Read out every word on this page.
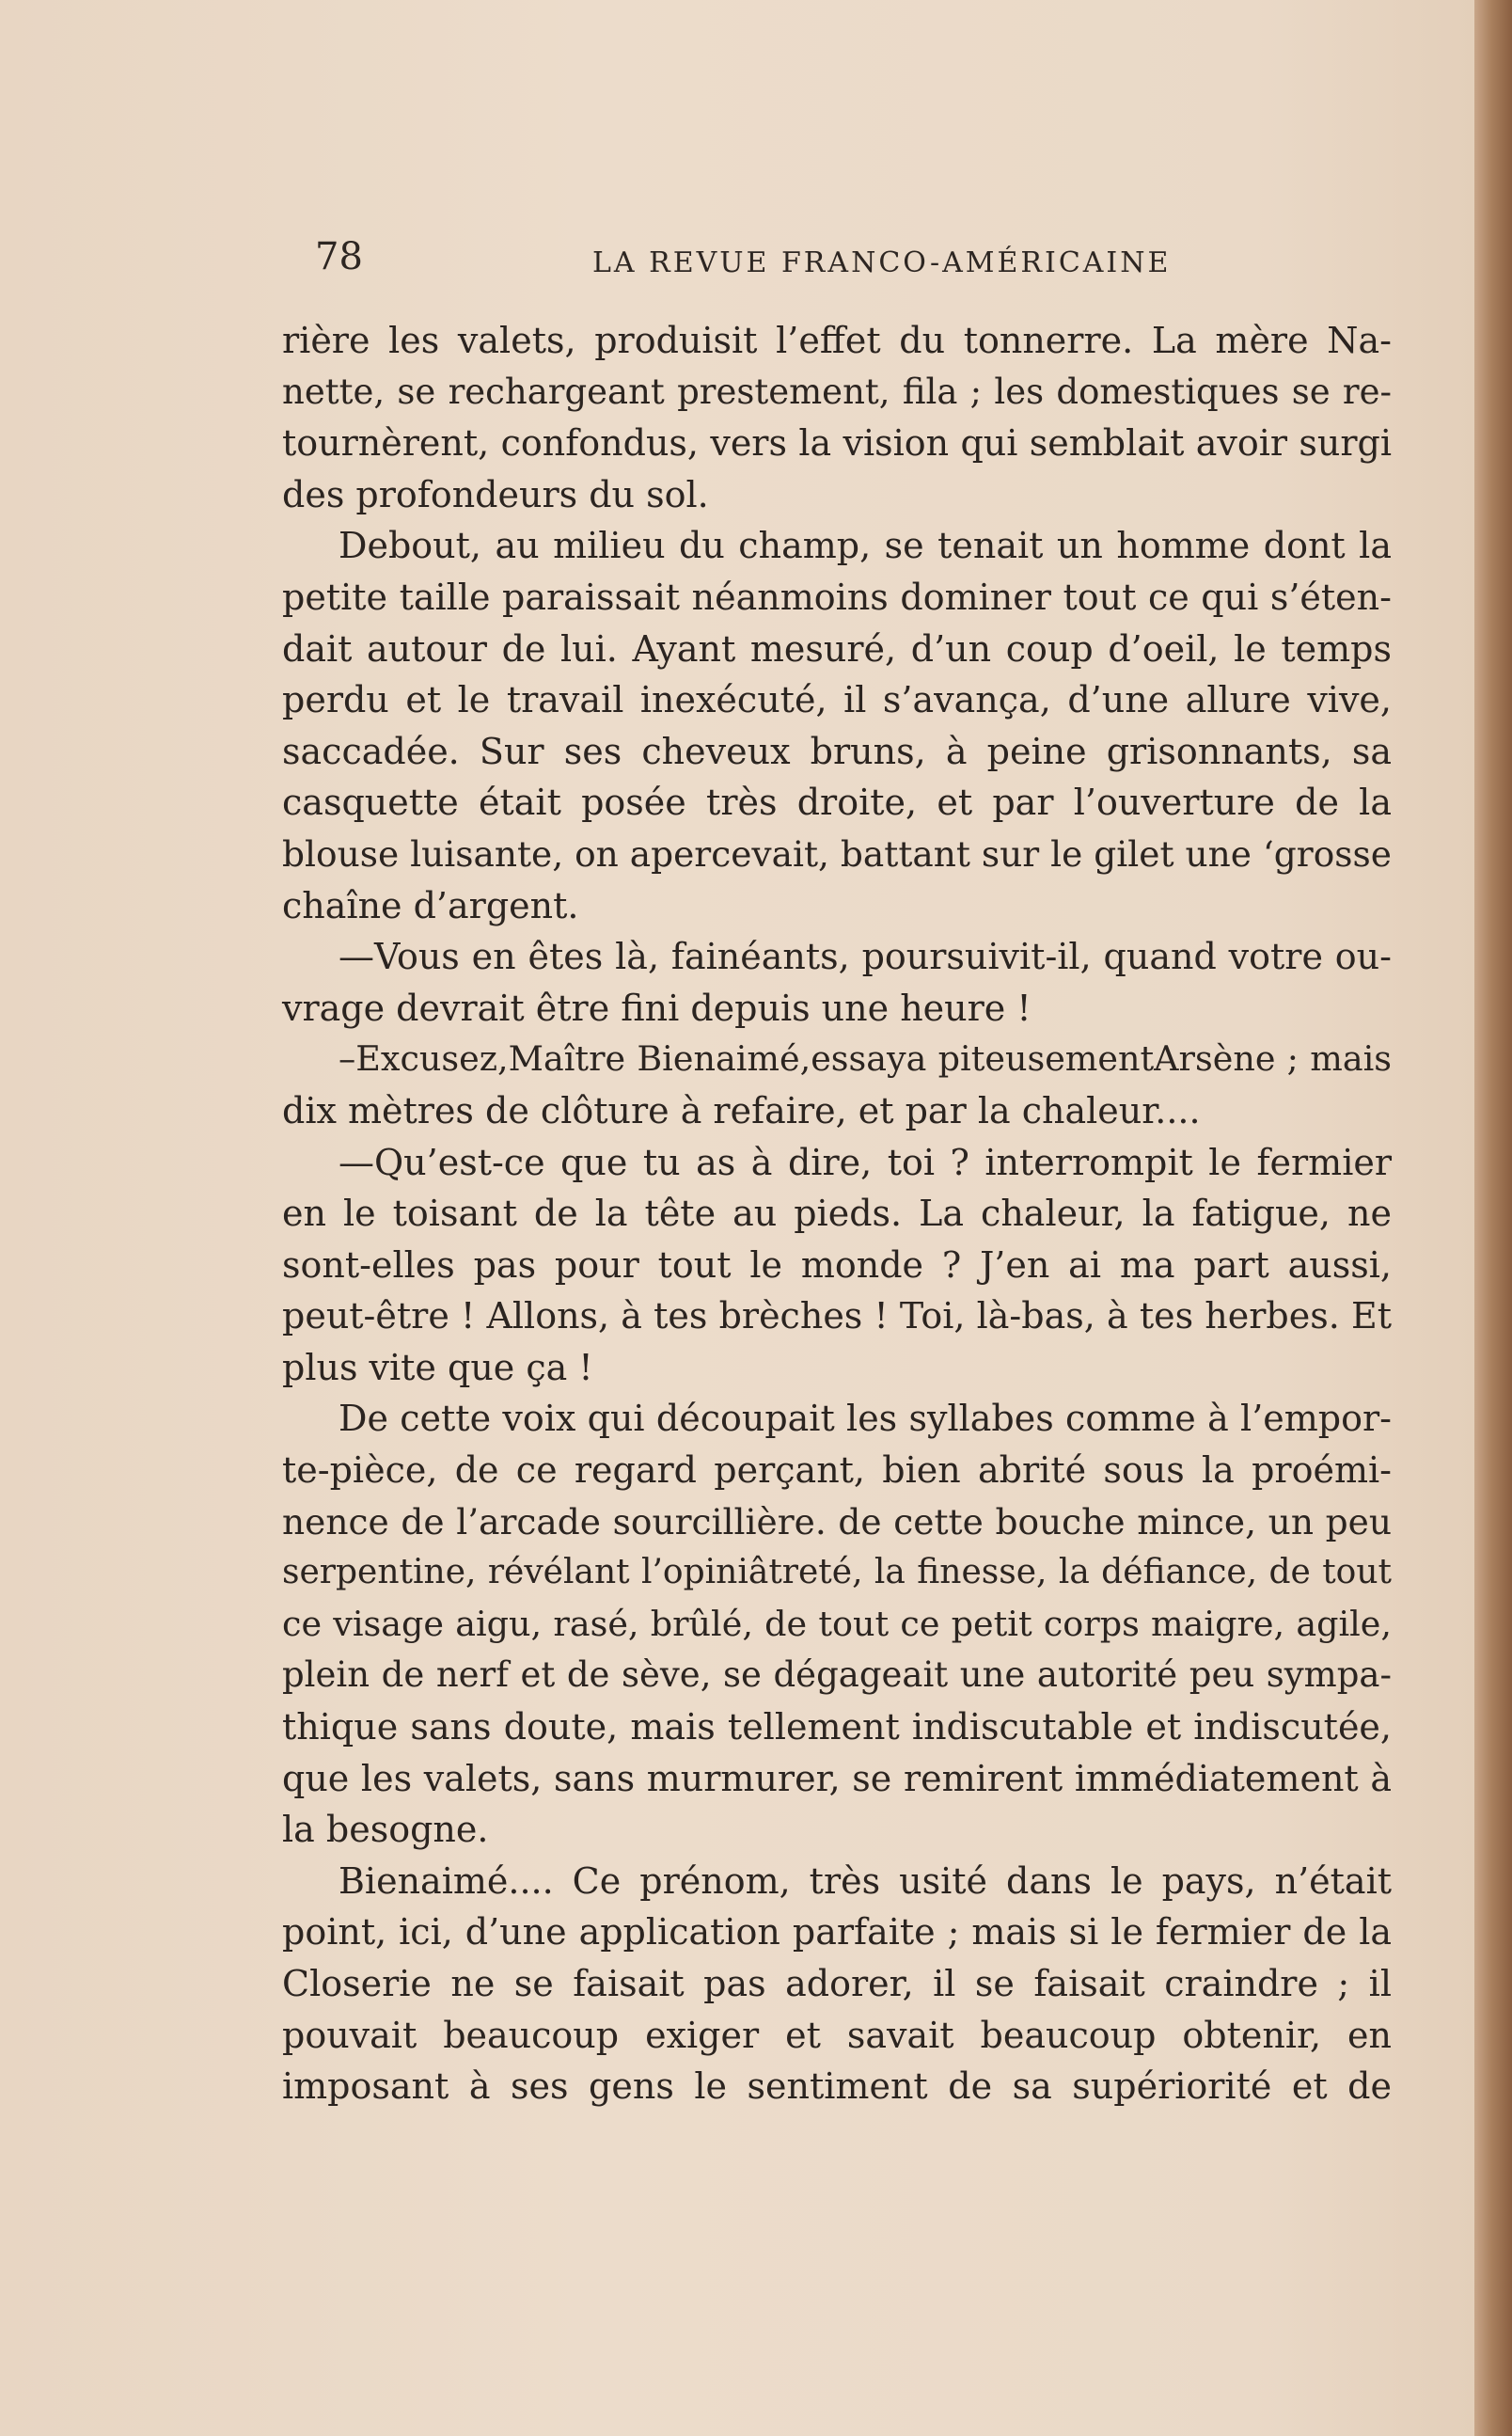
78	LA REVUE FRANCO-AMÉRICAINE
rière les valets, produisit l’effet du tonnerre. La mère Na-
nette, se rechargeant prestement, fila ; les domestiques se re-
tournèrent, confondus, vers la vision qui semblait avoir surgi
des profondeurs du sol.
Debout, au milieu du champ, se tenait un homme dont la
petite taille paraissait néanmoins dominer tout ce qui s’éten-
dait autour de lui. Ayant mesuré, d’un coup d’oeil, le temps
perdu et le travail inexécuté, il s’avança, d’une allure vive,
saccadée. Sur ses cheveux bruns, à peine grisonnants, sa
casquette était posée très droite, et par l’ouverture de la
blouse luisante, on apercevait, battant sur le gilet une ‘grosse
chaîne d’argent.
—Vous en êtes là, fainéants, poursuivit-il, quand votre ou-
vrage devrait être fini depuis une heure !
–Excusez,Maître Bienaimé,essaya piteusementArsène ; mais
dix mètres de clôture à refaire, et par la chaleur....
—Qu’est-ce que tu as à dire, toi ? interrompit le fermier
en le toisant de la tête au pieds. La chaleur, la fatigue, ne
sont-elles pas pour tout le monde ? J’en ai ma part aussi,
peut-être ! Allons, à tes brèches ! Toi, là-bas, à tes herbes. Et
plus vite que ça !
De cette voix qui découpait les syllabes comme à l’empor-
te-pièce, de ce regard perçant, bien abrité sous la proémi-
nence de l’arcade sourcillière. de cette bouche mince, un peu
serpentine, révélant l’opiniâtreté, la finesse, la défiance, de tout
ce visage aigu, rasé, brûlé, de tout ce petit corps maigre, agile,
plein de nerf et de sève, se dégageait une autorité peu sympa-
thique sans doute, mais tellement indiscutable et indiscutée,
que les valets, sans murmurer, se remirent immédiatement à
la besogne.
Bienaimé.... Ce prénom, très usité dans le pays, n’était
point, ici, d’une application parfaite ; mais si le fermier de la
Closerie ne se faisait pas adorer, il se faisait craindre ; il
pouvait beaucoup exiger et savait beaucoup obtenir, en
imposant à ses gens le sentiment de sa supériorité et de
